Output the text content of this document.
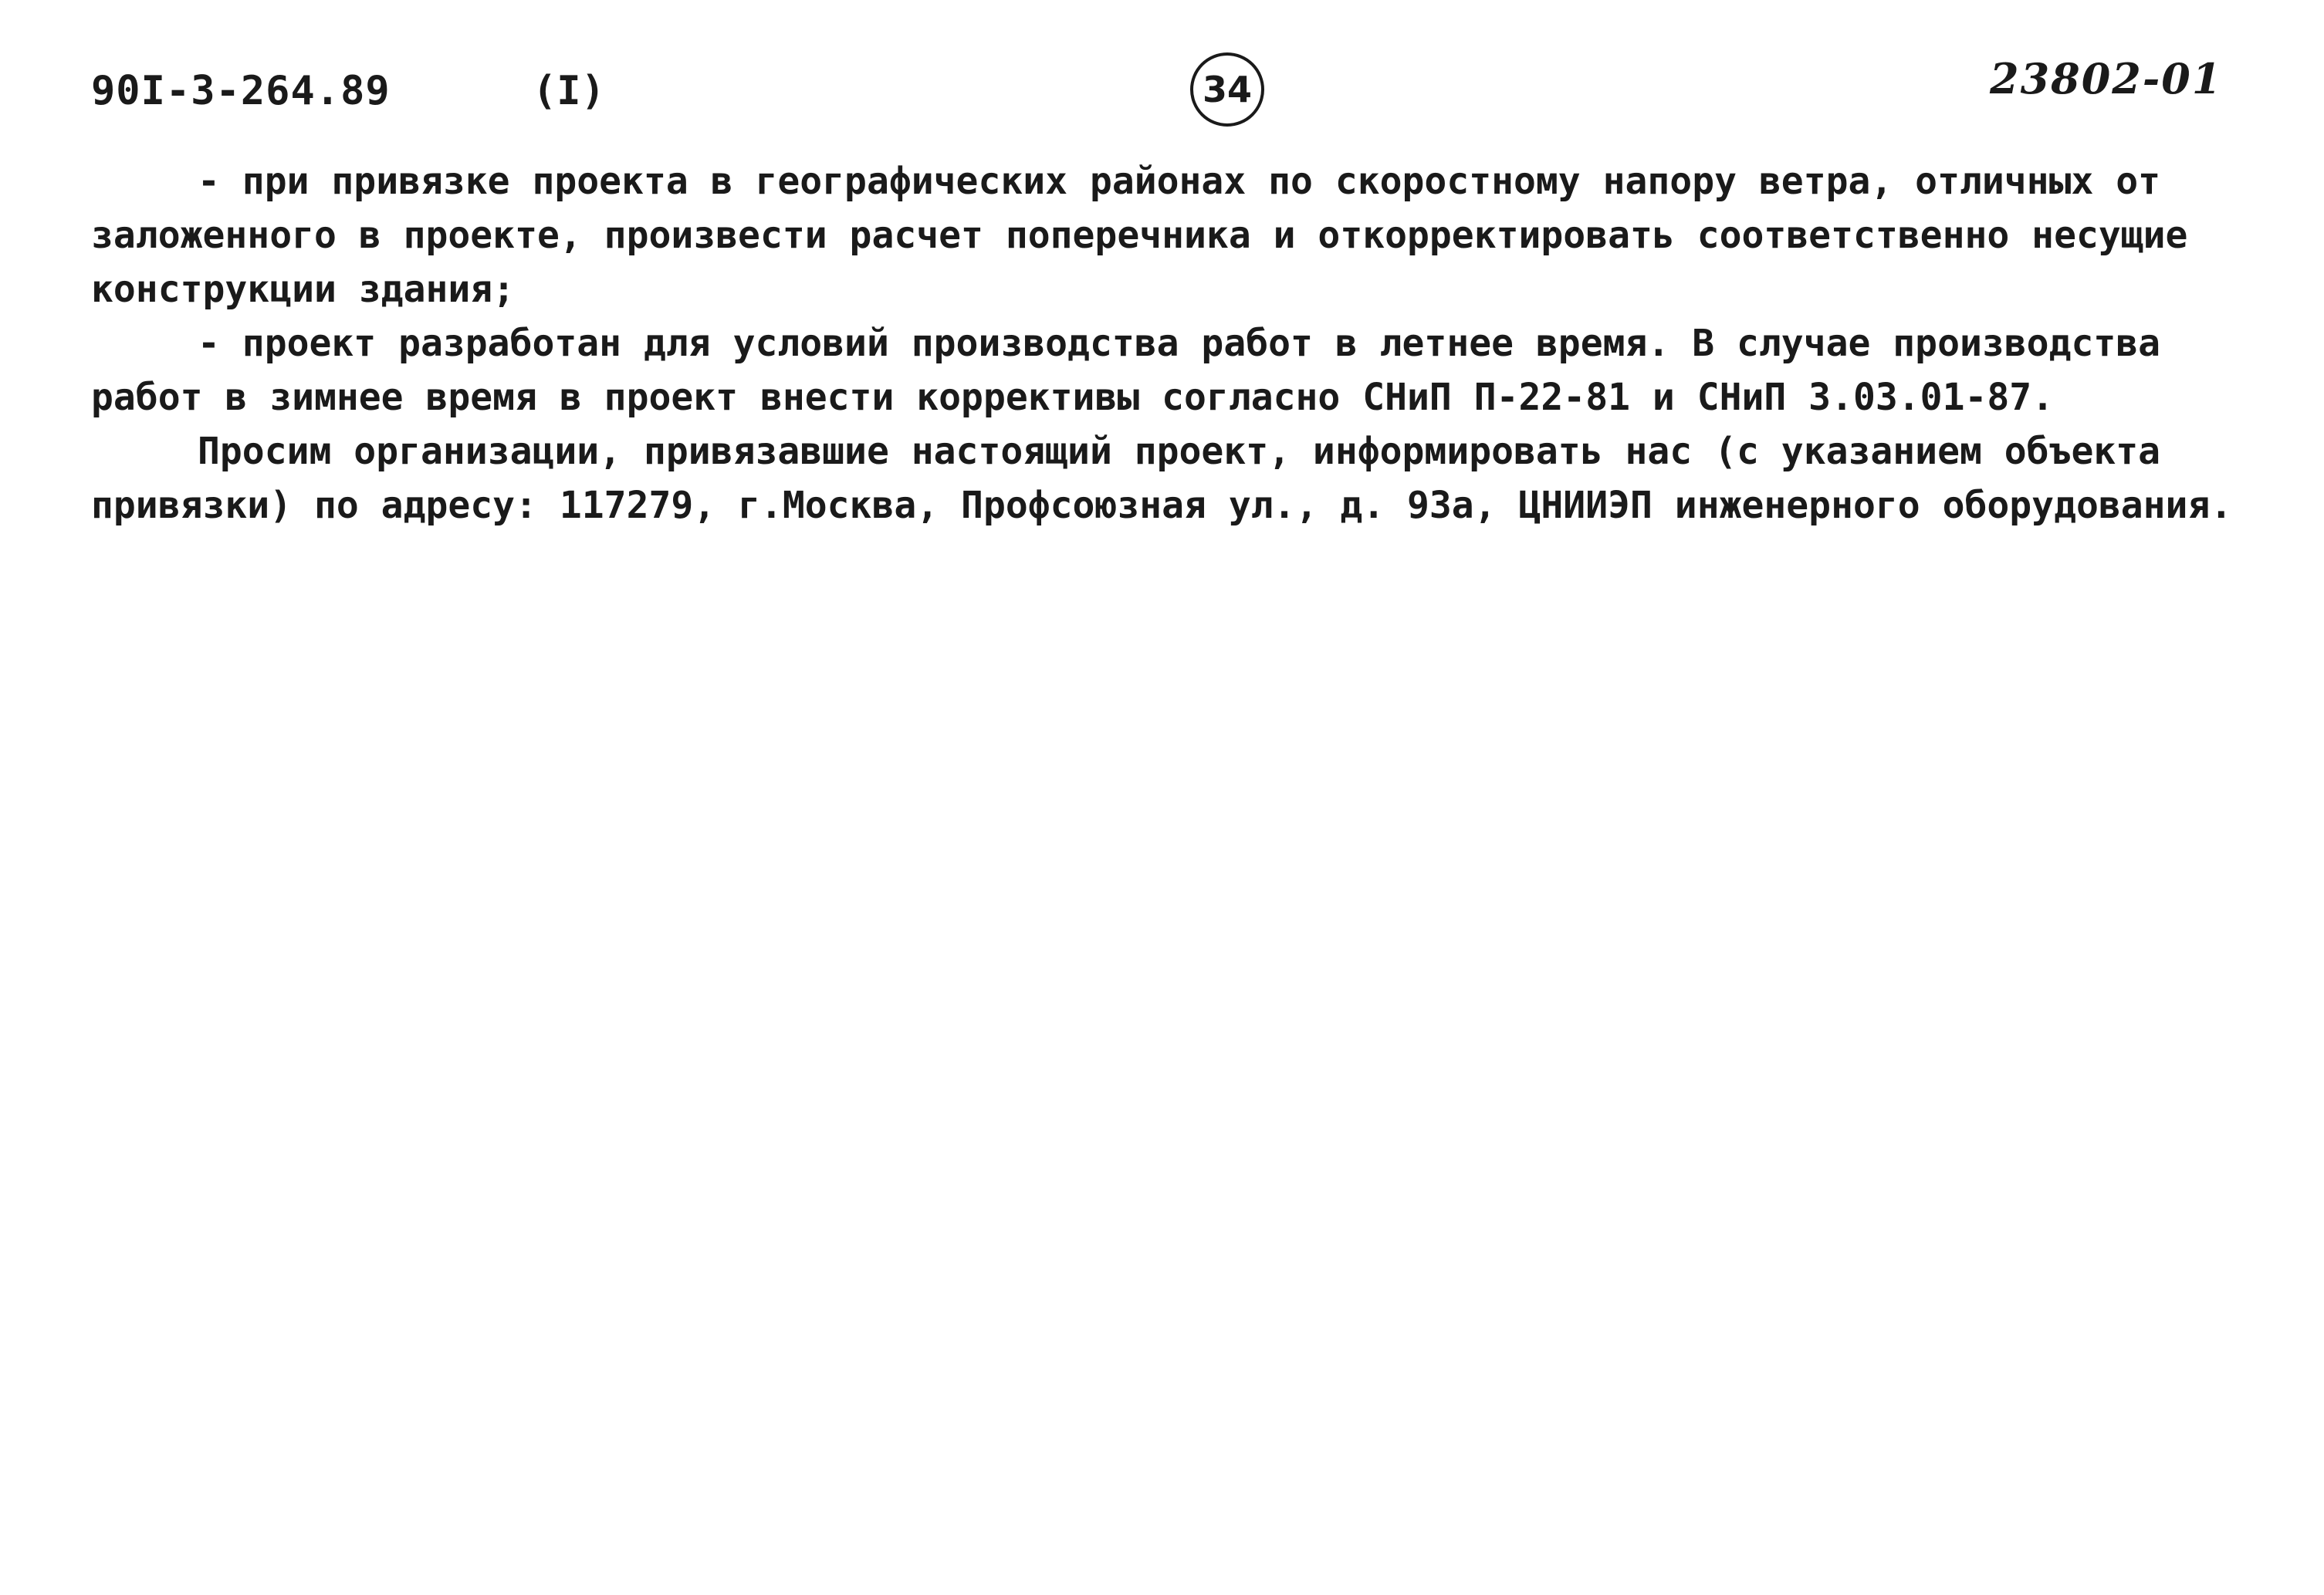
90I-3-264.89	(I)	34	23802-01

- при привязке проекта в географических районах по скоростному напору ветра, отличных от заложенного в проекте, произвести расчет поперечника и откорректировать соответственно несущие конструкции здания;

- проект разработан для условий производства работ в летнее время. В случае производства работ в зимнее время в проект внести коррективы согласно СНиП П-22-81 и СНиП 3.03.01-87.

Просим организации, привязавшие настоящий проект, информировать нас (с указанием объекта привязки) по адресу: 117279, г.Москва, Профсоюзная ул., д. 93а, ЦНИИЭП инженерного оборудования.
